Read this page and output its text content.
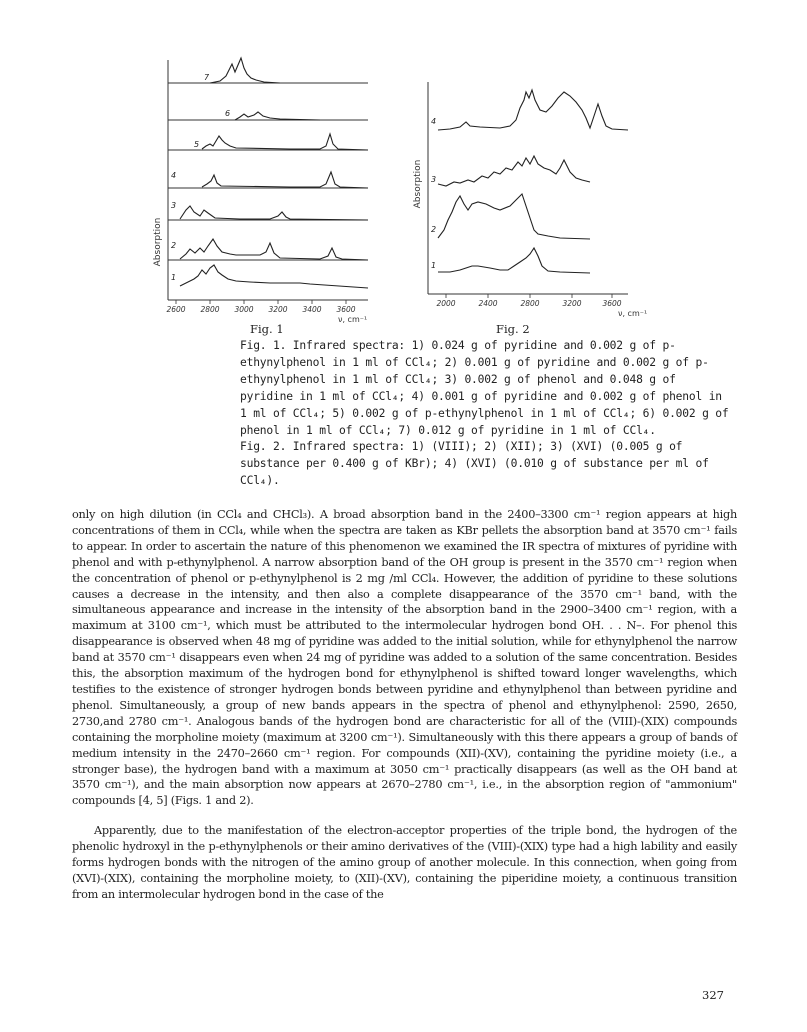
Absorption
7
6
5
4
3
2
1
2600 2800 3000 3200 3400 3600
ν, cm⁻¹
Fig. 1
Absorption
4
3
2
1
2000	2400	2800	3200	3600
ν, cm⁻¹
Fig. 2

Fig. 1. Infrared spectra: 1) 0.024 g of pyridine and 0.002 g of p-ethynylphenol in 1 ml of CCl₄; 2) 0.001 g of pyridine and 0.002 g of p-ethynylphenol in 1 ml of CCl₄; 3) 0.002 g of phenol and 0.048 g of pyridine in 1 ml of CCl₄; 4) 0.001 g of pyridine and 0.002 g of phenol in 1 ml of CCl₄; 5) 0.002 g of p-ethynylphenol in 1 ml of CCl₄; 6) 0.002 g of phenol in 1 ml of CCl₄; 7) 0.012 g of pyridine in 1 ml of CCl₄.

Fig. 2. Infrared spectra: 1) (VIII); 2) (XII); 3) (XVI) (0.005 g of substance per 0.400 g of KBr); 4) (XVI) (0.010 g of substance per ml of CCl₄).

only on high dilution (in CCl₄ and CHCl₃). A broad absorption band in the 2400–3300 cm⁻¹ region appears at high concentrations of them in CCl₄, while when the spectra are taken as KBr pellets the absorption band at 3570 cm⁻¹ fails to appear. In order to ascertain the nature of this phenomenon we examined the IR spectra of mixtures of pyridine with phenol and with p-ethynylphenol. A narrow absorption band of the OH group is present in the 3570 cm⁻¹ region when the concentration of phenol or p-ethynylphenol is 2 mg /ml CCl₄. However, the addition of pyridine to these solutions causes a decrease in the intensity, and then also a complete disappearance of the 3570 cm⁻¹ band, with the simultaneous appearance and increase in the intensity of the absorption band in the 2900–3400 cm⁻¹ region, with a maximum at 3100 cm⁻¹, which must be attributed to the intermolecular hydrogen bond OH. . . N–. For phenol this disappearance is observed when 48 mg of pyridine was added to the initial solution, while for ethynylphenol the narrow band at 3570 cm⁻¹ disappears even when 24 mg of pyridine was added to a solution of the same concentration. Besides this, the absorption maximum of the hydrogen bond for ethynylphenol is shifted toward longer wavelengths, which testifies to the existence of stronger hydrogen bonds between pyridine and ethynylphenol than between pyridine and phenol. Simultaneously, a group of new bands appears in the spectra of phenol and ethynylphenol: 2590, 2650, 2730,and 2780 cm⁻¹. Analogous bands of the hydrogen bond are characteristic for all of the (VIII)-(XIX) compounds containing the morpholine moiety (maximum at 3200 cm⁻¹). Simultaneously with this there appears a group of bands of medium intensity in the 2470–2660 cm⁻¹ region. For compounds (XII)-(XV), containing the pyridine moiety (i.e., a stronger base), the hydrogen band with a maximum at 3050 cm⁻¹ practically disappears (as well as the OH band at 3570 cm⁻¹), and the main absorption now appears at 2670–2780 cm⁻¹, i.e., in the absorption region of "ammonium" compounds [4, 5] (Figs. 1 and 2).

Apparently, due to the manifestation of the electron-acceptor properties of the triple bond, the hydrogen of the phenolic hydroxyl in the p-ethynylphenols or their amino derivatives of the (VIII)-(XIX) type had a high lability and easily forms hydrogen bonds with the nitrogen of the amino group of another molecule. In this connection, when going from (XVI)-(XIX), containing the morpholine moiety, to (XII)-(XV), containing the piperidine moiety, a continuous transition from an intermolecular hydrogen bond in the case of the

327
